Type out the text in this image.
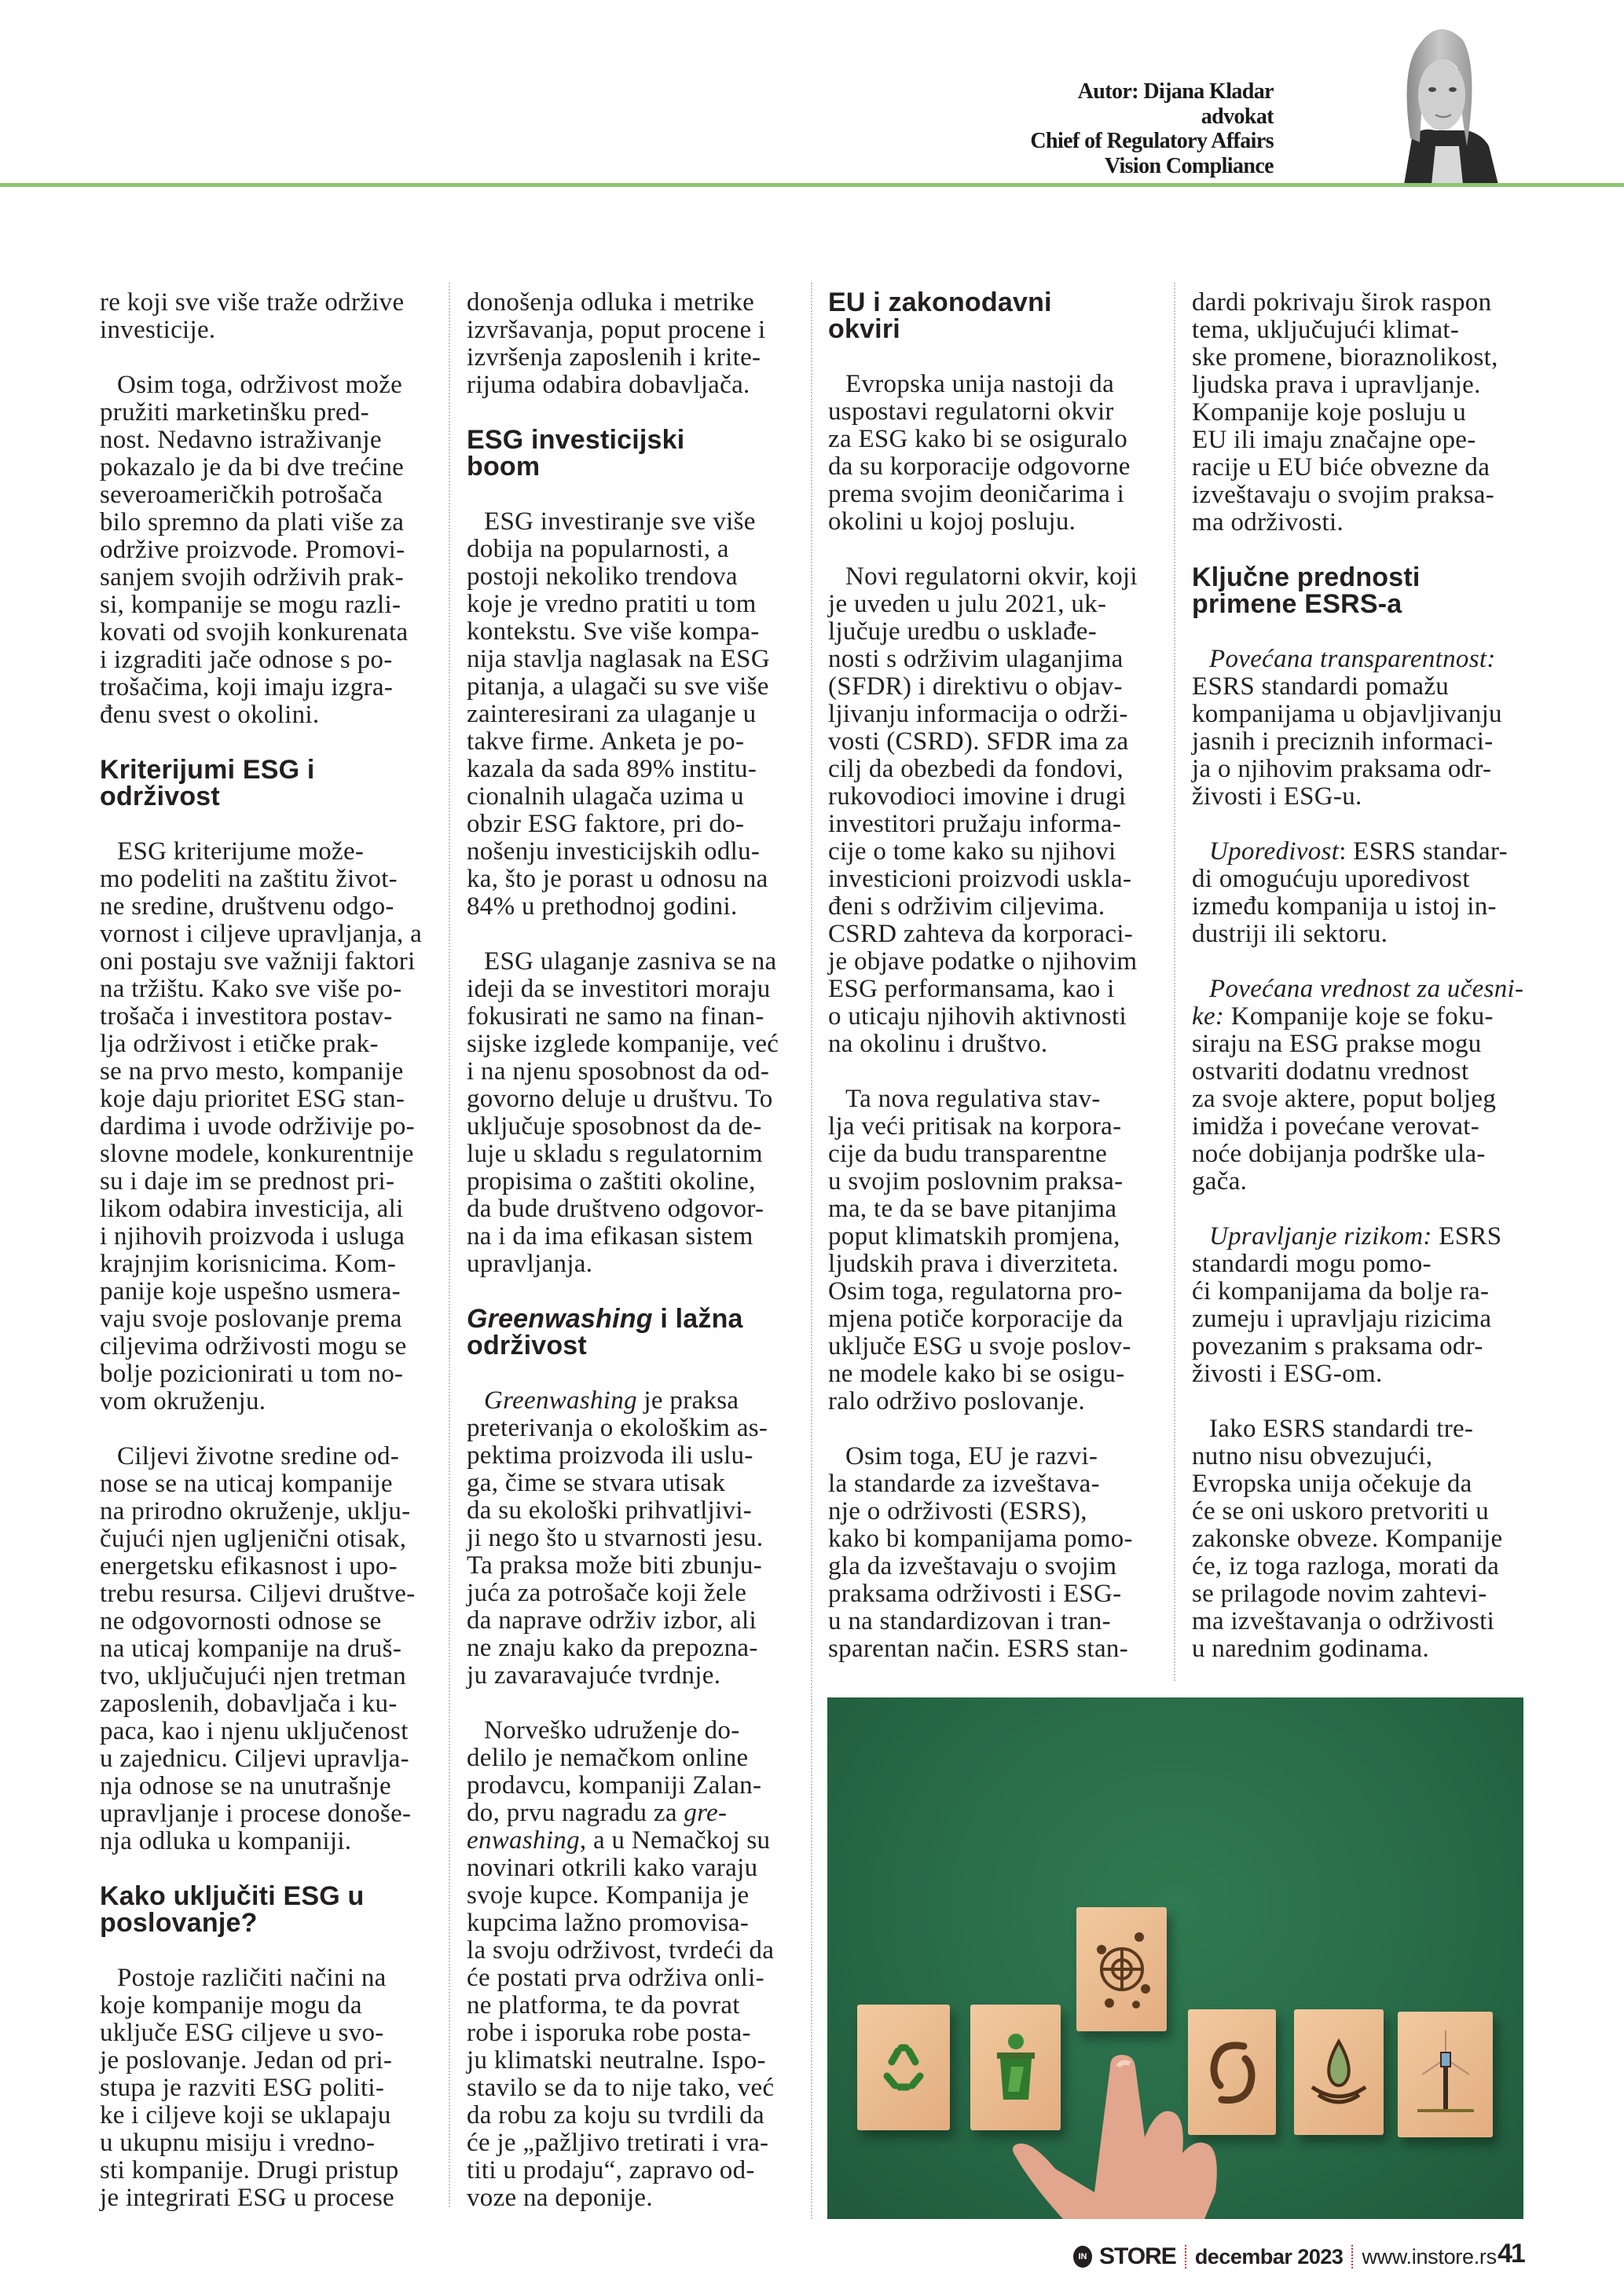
Autor: Dijana Kladar
advokat
Chief of Regulatory Affairs
Vision Compliance
re koji sve više traže održive
investicije.
Osim toga, održivost može
pružiti marketinšku pred-
nost. Nedavno istraživanje
pokazalo je da bi dve trećine
severoameričkih potrošača
bilo spremno da plati više za
održive proizvode. Promovi-
sanjem svojih održivih prak-
si, kompanije se mogu razli-
kovati od svojih konkurenata
i izgraditi jače odnose s po-
trošačima, koji imaju izgra-
đenu svest o okolini.
Kriterijumi ESG i
održivost
ESG kriterijume može-
mo podeliti na zaštitu život-
ne sredine, društvenu odgo-
vornost i ciljeve upravljanja, a
oni postaju sve važniji faktori
na tržištu. Kako sve više po-
trošača i investitora postav-
lja održivost i etičke prak-
se na prvo mesto, kompanije
koje daju prioritet ESG stan-
dardima i uvode održivije po-
slovne modele, konkurentnije
su i daje im se prednost pri-
likom odabira investicija, ali
i njihovih proizvoda i usluga
krajnjim korisnicima. Kom-
panije koje uspešno usmera-
vaju svoje poslovanje prema
ciljevima održivosti mogu se
bolje pozicionirati u tom no-
vom okruženju.
Ciljevi životne sredine od-
nose se na uticaj kompanije
na prirodno okruženje, uklju-
čujući njen ugljenični otisak,
energetsku efikasnost i upo-
trebu resursa. Ciljevi društve-
ne odgovornosti odnose se
na uticaj kompanije na druš-
tvo, uključujući njen tretman
zaposlenih, dobavljača i ku-
paca, kao i njenu uključenost
u zajednicu. Ciljevi upravlja-
nja odnose se na unutrašnje
upravljanje i procese donoše-
nja odluka u kompaniji.
Kako uključiti ESG u
poslovanje?
Postoje različiti načini na
koje kompanije mogu da
uključe ESG ciljeve u svo-
je poslovanje. Jedan od pri-
stupa je razviti ESG politi-
ke i ciljeve koji se uklapaju
u ukupnu misiju i vredno-
sti kompanije. Drugi pristup
je integrirati ESG u procese
donošenja odluka i metrike
izvršavanja, poput procene i
izvršenja zaposlenih i krite-
rijuma odabira dobavljača.
ESG investicijski
boom
ESG investiranje sve više
dobija na popularnosti, a
postoji nekoliko trendova
koje je vredno pratiti u tom
kontekstu. Sve više kompa-
nija stavlja naglasak na ESG
pitanja, a ulagači su sve više
zainteresirani za ulaganje u
takve firme. Anketa je po-
kazala da sada 89% institu-
cionalnih ulagača uzima u
obzir ESG faktore, pri do-
nošenju investicijskih odlu-
ka, što je porast u odnosu na
84% u prethodnoj godini.
ESG ulaganje zasniva se na
ideji da se investitori moraju
fokusirati ne samo na finan-
sijske izglede kompanije, već
i na njenu sposobnost da od-
govorno deluje u društvu. To
uključuje sposobnost da de-
luje u skladu s regulatornim
propisima o zaštiti okoline,
da bude društveno odgovor-
na i da ima efikasan sistem
upravljanja.
Greenwashing i lažna
održivost
Greenwashing je praksa
preterivanja o ekološkim as-
pektima proizvoda ili uslu-
ga, čime se stvara utisak
da su ekološki prihvatljivi-
ji nego što u stvarnosti jesu.
Ta praksa može biti zbunju-
juća za potrošače koji žele
da naprave održiv izbor, ali
ne znaju kako da prepozna-
ju zavaravajuće tvrdnje.
Norveško udruženje do-
delilo je nemačkom online
prodavcu, kompaniji Zalan-
do, prvu nagradu za gre-
enwashing, a u Nemačkoj su
novinari otkrili kako varaju
svoje kupce. Kompanija je
kupcima lažno promovisa-
la svoju održivost, tvrdeći da
će postati prva održiva onli-
ne platforma, te da povrat
robe i isporuka robe posta-
ju klimatski neutralne. Ispo-
stavilo se da to nije tako, već
da robu za koju su tvrdili da
će je „pažljivo tretirati i vra-
titi u prodaju“, zapravo od-
voze na deponije.
EU i zakonodavni
okviri
Evropska unija nastoji da
uspostavi regulatorni okvir
za ESG kako bi se osiguralo
da su korporacije odgovorne
prema svojim deoničarima i
okolini u kojoj posluju.
Novi regulatorni okvir, koji
je uveden u julu 2021, uk-
ljučuje uredbu o usklađe-
nosti s održivim ulaganjima
(SFDR) i direktivu o objav-
ljivanju informacija o održi-
vosti (CSRD). SFDR ima za
cilj da obezbedi da fondovi,
rukovodioci imovine i drugi
investitori pružaju informa-
cije o tome kako su njihovi
investicioni proizvodi uskla-
đeni s održivim ciljevima.
CSRD zahteva da korporaci-
je objave podatke o njihovim
ESG performansama, kao i
o uticaju njihovih aktivnosti
na okolinu i društvo.
Ta nova regulativa stav-
lja veći pritisak na korpora-
cije da budu transparentne
u svojim poslovnim praksa-
ma, te da se bave pitanjima
poput klimatskih promjena,
ljudskih prava i diverziteta.
Osim toga, regulatorna pro-
mjena potiče korporacije da
uključe ESG u svoje poslov-
ne modele kako bi se osigu-
ralo održivo poslovanje.
Osim toga, EU je razvi-
la standarde za izveštava-
nje o održivosti (ESRS),
kako bi kompanijama pomo-
gla da izveštavaju o svojim
praksama održivosti i ESG-
u na standardizovan i tran-
sparentan način. ESRS stan-
dardi pokrivaju širok raspon
tema, uključujući klimat-
ske promene, bioraznolikost,
ljudska prava i upravljanje.
Kompanije koje posluju u
EU ili imaju značajne ope-
racije u EU biće obvezne da
izveštavaju o svojim praksa-
ma održivosti.
Ključne prednosti
primene ESRS-a
Povećana transparentnost:
ESRS standardi pomažu
kompanijama u objavljivanju
jasnih i preciznih informaci-
ja o njihovim praksama odr-
živosti i ESG-u.
Uporedivost: ESRS standar-
di omogućuju uporedivost
između kompanija u istoj in-
dustriji ili sektoru.
Povećana vrednost za učesni-
ke: Kompanije koje se foku-
siraju na ESG prakse mogu
ostvariti dodatnu vrednost
za svoje aktere, poput boljeg
imidža i povećane verovat-
noće dobijanja podrške ula-
gača.
Upravljanje rizikom: ESRS
standardi mogu pomo-
ći kompanijama da bolje ra-
zumeju i upravljaju rizicima
povezanim s praksama odr-
živosti i ESG-om.
Iako ESRS standardi tre-
nutno nisu obvezujući,
Evropska unija očekuje da
će se oni uskoro pretvoriti u
zakonske obveze. Kompanije
će, iz toga razloga, morati da
se prilagode novim zahtevi-
ma izveštavanja o održivosti
u narednim godinama.
IN STORE decembar 2023 www.instore.rs 41
